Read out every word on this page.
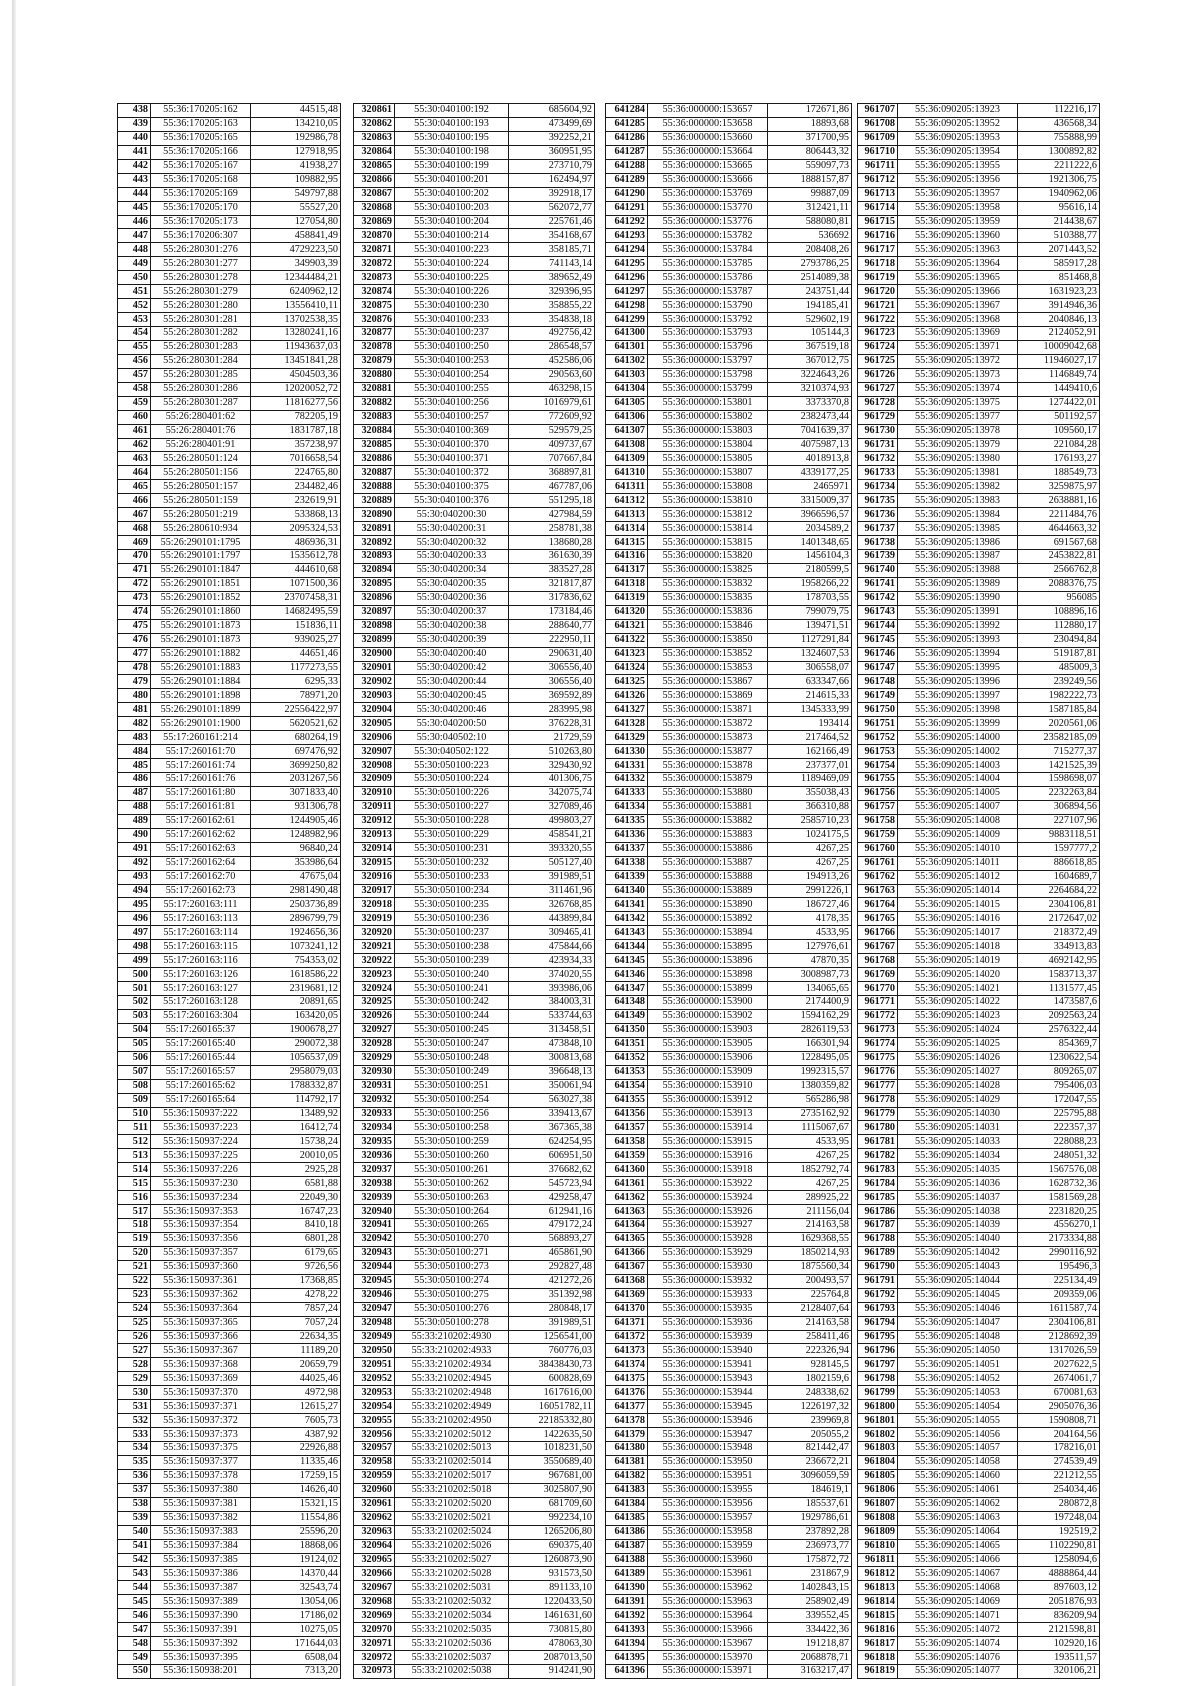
438	55:36:170205:162	44515,48
439	55:36:170205:163	134210,05
440	55:36:170205:165	192986,78
441	55:36:170205:166	127918,95
442	55:36:170205:167	41938,27
443	55:36:170205:168	109882,95
444	55:36:170205:169	549797,88
445	55:36:170205:170	55527,20
446	55:36:170205:173	127054,80
447	55:36:170206:307	458841,49
448	55:26:280301:276	4729223,50
449	55:26:280301:277	349903,39
450	55:26:280301:278	12344484,21
451	55:26:280301:279	6240962,12
452	55:26:280301:280	13556410,11
453	55:26:280301:281	13702538,35
454	55:26:280301:282	13280241,16
455	55:26:280301:283	11943637,03
456	55:26:280301:284	13451841,28
457	55:26:280301:285	4504503,36
458	55:26:280301:286	12020052,72
459	55:26:280301:287	11816277,56
460	55:26:280401:62	782205,19
461	55:26:280401:76	1831787,18
462	55:26:280401:91	357238,97
463	55:26:280501:124	7016658,54
464	55:26:280501:156	224765,80
465	55:26:280501:157	234482,46
466	55:26:280501:159	232619,91
467	55:26:280501:219	533868,13
468	55:26:280610:934	2095324,53
469	55:26:290101:1795	486936,31
470	55:26:290101:1797	1535612,78
471	55:26:290101:1847	444610,68
472	55:26:290101:1851	1071500,36
473	55:26:290101:1852	23707458,31
474	55:26:290101:1860	14682495,59
475	55:26:290101:1873	151836,11
476	55:26:290101:1873	939025,27
477	55:26:290101:1882	44651,46
478	55:26:290101:1883	1177273,55
479	55:26:290101:1884	6295,33
480	55:26:290101:1898	78971,20
481	55:26:290101:1899	22556422,97
482	55:26:290101:1900	5620521,62
483	55:17:260161:214	680264,19
484	55:17:260161:70	697476,92
485	55:17:260161:74	3699250,82
486	55:17:260161:76	2031267,56
487	55:17:260161:80	3071833,40
488	55:17:260161:81	931306,78
489	55:17:260162:61	1244905,46
490	55:17:260162:62	1248982,96
491	55:17:260162:63	96840,24
492	55:17:260162:64	353986,64
493	55:17:260162:70	47675,04
494	55:17:260162:73	2981490,48
495	55:17:260163:111	2503736,89
496	55:17:260163:113	2896799,79
497	55:17:260163:114	1924656,36
498	55:17:260163:115	1073241,12
499	55:17:260163:116	754353,02
500	55:17:260163:126	1618586,22
501	55:17:260163:127	2319681,12
502	55:17:260163:128	20891,65
503	55:17:260163:304	163420,05
504	55:17:260165:37	1900678,27
505	55:17:260165:40	290072,38
506	55:17:260165:44	1056537,09
507	55:17:260165:57	2958079,03
508	55:17:260165:62	1788332,87
509	55:17:260165:64	114792,17
510	55:36:150937:222	13489,92
511	55:36:150937:223	16412,74
512	55:36:150937:224	15738,24
513	55:36:150937:225	20010,05
514	55:36:150937:226	2925,28
515	55:36:150937:230	6581,88
516	55:36:150937:234	22049,30
517	55:36:150937:353	16747,23
518	55:36:150937:354	8410,18
519	55:36:150937:356	6801,28
520	55:36:150937:357	6179,65
521	55:36:150937:360	9726,56
522	55:36:150937:361	17368,85
523	55:36:150937:362	4278,22
524	55:36:150937:364	7857,24
525	55:36:150937:365	7057,24
526	55:36:150937:366	22634,35
527	55:36:150937:367	11189,20
528	55:36:150937:368	20659,79
529	55:36:150937:369	44025,46
530	55:36:150937:370	4972,98
531	55:36:150937:371	12615,27
532	55:36:150937:372	7605,73
533	55:36:150937:373	4387,92
534	55:36:150937:375	22926,88
535	55:36:150937:377	11335,46
536	55:36:150937:378	17259,15
537	55:36:150937:380	14626,40
538	55:36:150937:381	15321,15
539	55:36:150937:382	11554,86
540	55:36:150937:383	25596,20
541	55:36:150937:384	18868,06
542	55:36:150937:385	19124,02
543	55:36:150937:386	14370,44
544	55:36:150937:387	32543,74
545	55:36:150937:389	13054,06
546	55:36:150937:390	17186,02
547	55:36:150937:391	10275,05
548	55:36:150937:392	171644,03
549	55:36:150937:395	6508,04
550	55:36:150938:201	7313,20
320861	55:30:040100:192	685604,92
320862	55:30:040100:193	473499,69
320863	55:30:040100:195	392252,21
320864	55:30:040100:198	360951,95
320865	55:30:040100:199	273710,79
320866	55:30:040100:201	162494,97
320867	55:30:040100:202	392918,17
320868	55:30:040100:203	562072,77
320869	55:30:040100:204	225761,46
320870	55:30:040100:214	354168,67
320871	55:30:040100:223	358185,71
320872	55:30:040100:224	741143,14
320873	55:30:040100:225	389652,49
320874	55:30:040100:226	329396,95
320875	55:30:040100:230	358855,22
320876	55:30:040100:233	354838,18
320877	55:30:040100:237	492756,42
320878	55:30:040100:250	286548,57
320879	55:30:040100:253	452586,06
320880	55:30:040100:254	290563,60
320881	55:30:040100:255	463298,15
320882	55:30:040100:256	1016979,61
320883	55:30:040100:257	772609,92
320884	55:30:040100:369	529579,25
320885	55:30:040100:370	409737,67
320886	55:30:040100:371	707667,84
320887	55:30:040100:372	368897,81
320888	55:30:040100:375	467787,06
320889	55:30:040100:376	551295,18
320890	55:30:040200:30	427984,59
320891	55:30:040200:31	258781,38
320892	55:30:040200:32	138680,28
320893	55:30:040200:33	361630,39
320894	55:30:040200:34	383527,28
320895	55:30:040200:35	321817,87
320896	55:30:040200:36	317836,62
320897	55:30:040200:37	173184,46
320898	55:30:040200:38	288640,77
320899	55:30:040200:39	222950,11
320900	55:30:040200:40	290631,40
320901	55:30:040200:42	306556,40
320902	55:30:040200:44	306556,40
320903	55:30:040200:45	369592,89
320904	55:30:040200:46	283995,98
320905	55:30:040200:50	376228,31
320906	55:30:040502:10	21729,59
320907	55:30:040502:122	510263,80
320908	55:30:050100:223	329430,92
320909	55:30:050100:224	401306,75
320910	55:30:050100:226	342075,74
320911	55:30:050100:227	327089,46
320912	55:30:050100:228	499803,27
320913	55:30:050100:229	458541,21
320914	55:30:050100:231	393320,55
320915	55:30:050100:232	505127,40
320916	55:30:050100:233	391989,51
320917	55:30:050100:234	311461,96
320918	55:30:050100:235	326768,85
320919	55:30:050100:236	443899,84
320920	55:30:050100:237	309465,41
320921	55:30:050100:238	475844,66
320922	55:30:050100:239	423934,33
320923	55:30:050100:240	374020,55
320924	55:30:050100:241	393986,06
320925	55:30:050100:242	384003,31
320926	55:30:050100:244	533744,63
320927	55:30:050100:245	313458,51
320928	55:30:050100:247	473848,10
320929	55:30:050100:248	300813,68
320930	55:30:050100:249	396648,13
320931	55:30:050100:251	350061,94
320932	55:30:050100:254	563027,38
320933	55:30:050100:256	339413,67
320934	55:30:050100:258	367365,38
320935	55:30:050100:259	624254,95
320936	55:30:050100:260	606951,50
320937	55:30:050100:261	376682,62
320938	55:30:050100:262	545723,94
320939	55:30:050100:263	429258,47
320940	55:30:050100:264	612941,16
320941	55:30:050100:265	479172,24
320942	55:30:050100:270	568893,27
320943	55:30:050100:271	465861,90
320944	55:30:050100:273	292827,48
320945	55:30:050100:274	421272,26
320946	55:30:050100:275	351392,98
320947	55:30:050100:276	280848,17
320948	55:30:050100:278	391989,51
320949	55:33:210202:4930	1256541,00
320950	55:33:210202:4933	760776,03
320951	55:33:210202:4934	38438430,73
320952	55:33:210202:4945	600828,69
320953	55:33:210202:4948	1617616,00
320954	55:33:210202:4949	16051782,11
320955	55:33:210202:4950	22185332,80
320956	55:33:210202:5012	1422635,50
320957	55:33:210202:5013	1018231,50
320958	55:33:210202:5014	3550689,40
320959	55:33:210202:5017	967681,00
320960	55:33:210202:5018	3025807,90
320961	55:33:210202:5020	681709,60
320962	55:33:210202:5021	992234,10
320963	55:33:210202:5024	1265206,80
320964	55:33:210202:5026	690375,40
320965	55:33:210202:5027	1260873,90
320966	55:33:210202:5028	931573,50
320967	55:33:210202:5031	891133,10
320968	55:33:210202:5032	1220433,50
320969	55:33:210202:5034	1461631,60
320970	55:33:210202:5035	730815,80
320971	55:33:210202:5036	478063,30
320972	55:33:210202:5037	2087013,50
320973	55:33:210202:5038	914241,90
641284	55:36:000000:153657	172671,86
641285	55:36:000000:153658	18893,68
641286	55:36:000000:153660	371700,95
641287	55:36:000000:153664	806443,32
641288	55:36:000000:153665	559097,73
641289	55:36:000000:153666	1888157,87
641290	55:36:000000:153769	99887,09
641291	55:36:000000:153770	312421,11
641292	55:36:000000:153776	588080,81
641293	55:36:000000:153782	536692
641294	55:36:000000:153784	208408,26
641295	55:36:000000:153785	2793786,25
641296	55:36:000000:153786	2514089,38
641297	55:36:000000:153787	243751,44
641298	55:36:000000:153790	194185,41
641299	55:36:000000:153792	529602,19
641300	55:36:000000:153793	105144,3
641301	55:36:000000:153796	367519,18
641302	55:36:000000:153797	367012,75
641303	55:36:000000:153798	3224643,26
641304	55:36:000000:153799	3210374,93
641305	55:36:000000:153801	3373370,8
641306	55:36:000000:153802	2382473,44
641307	55:36:000000:153803	7041639,37
641308	55:36:000000:153804	4075987,13
641309	55:36:000000:153805	4018913,8
641310	55:36:000000:153807	4339177,25
641311	55:36:000000:153808	2465971
641312	55:36:000000:153810	3315009,37
641313	55:36:000000:153812	3966596,57
641314	55:36:000000:153814	2034589,2
641315	55:36:000000:153815	1401348,65
641316	55:36:000000:153820	1456104,3
641317	55:36:000000:153825	2180599,5
641318	55:36:000000:153832	1958266,22
641319	55:36:000000:153835	178703,55
641320	55:36:000000:153836	799079,75
641321	55:36:000000:153846	139471,51
641322	55:36:000000:153850	1127291,84
641323	55:36:000000:153852	1324607,53
641324	55:36:000000:153853	306558,07
641325	55:36:000000:153867	633347,66
641326	55:36:000000:153869	214615,33
641327	55:36:000000:153871	1345333,99
641328	55:36:000000:153872	193414
641329	55:36:000000:153873	217464,52
641330	55:36:000000:153877	162166,49
641331	55:36:000000:153878	237377,01
641332	55:36:000000:153879	1189469,09
641333	55:36:000000:153880	355038,43
641334	55:36:000000:153881	366310,88
641335	55:36:000000:153882	2585710,23
641336	55:36:000000:153883	1024175,5
641337	55:36:000000:153886	4267,25
641338	55:36:000000:153887	4267,25
641339	55:36:000000:153888	194913,26
641340	55:36:000000:153889	2991226,1
641341	55:36:000000:153890	186727,46
641342	55:36:000000:153892	4178,35
641343	55:36:000000:153894	4533,95
641344	55:36:000000:153895	127976,61
641345	55:36:000000:153896	47870,35
641346	55:36:000000:153898	3008987,73
641347	55:36:000000:153899	134065,65
641348	55:36:000000:153900	2174400,9
641349	55:36:000000:153902	1594162,29
641350	55:36:000000:153903	2826119,53
641351	55:36:000000:153905	166301,94
641352	55:36:000000:153906	1228495,05
641353	55:36:000000:153909	1992315,57
641354	55:36:000000:153910	1380359,82
641355	55:36:000000:153912	565286,98
641356	55:36:000000:153913	2735162,92
641357	55:36:000000:153914	1115067,67
641358	55:36:000000:153915	4533,95
641359	55:36:000000:153916	4267,25
641360	55:36:000000:153918	1852792,74
641361	55:36:000000:153922	4267,25
641362	55:36:000000:153924	289925,22
641363	55:36:000000:153926	211156,04
641364	55:36:000000:153927	214163,58
641365	55:36:000000:153928	1629368,55
641366	55:36:000000:153929	1850214,93
641367	55:36:000000:153930	1875560,34
641368	55:36:000000:153932	200493,57
641369	55:36:000000:153933	225764,8
641370	55:36:000000:153935	2128407,64
641371	55:36:000000:153936	214163,58
641372	55:36:000000:153939	258411,46
641373	55:36:000000:153940	222326,94
641374	55:36:000000:153941	928145,5
641375	55:36:000000:153943	1802159,6
641376	55:36:000000:153944	248338,62
641377	55:36:000000:153945	1226197,32
641378	55:36:000000:153946	239969,8
641379	55:36:000000:153947	205055,2
641380	55:36:000000:153948	821442,47
641381	55:36:000000:153950	236672,21
641382	55:36:000000:153951	3096059,59
641383	55:36:000000:153955	184619,1
641384	55:36:000000:153956	185537,61
641385	55:36:000000:153957	1929786,61
641386	55:36:000000:153958	237892,28
641387	55:36:000000:153959	236973,77
641388	55:36:000000:153960	175872,72
641389	55:36:000000:153961	231867,9
641390	55:36:000000:153962	1402843,15
641391	55:36:000000:153963	258902,49
641392	55:36:000000:153964	339552,45
641393	55:36:000000:153966	334422,36
641394	55:36:000000:153967	191218,87
641395	55:36:000000:153970	2068878,71
641396	55:36:000000:153971	3163217,47
961707	55:36:090205:13923	112216,17
961708	55:36:090205:13952	436568,34
961709	55:36:090205:13953	755888,99
961710	55:36:090205:13954	1300892,82
961711	55:36:090205:13955	2211222,6
961712	55:36:090205:13956	1921306,75
961713	55:36:090205:13957	1940962,06
961714	55:36:090205:13958	95616,14
961715	55:36:090205:13959	214438,67
961716	55:36:090205:13960	510388,77
961717	55:36:090205:13963	2071443,52
961718	55:36:090205:13964	585917,28
961719	55:36:090205:13965	851468,8
961720	55:36:090205:13966	1631923,23
961721	55:36:090205:13967	3914946,36
961722	55:36:090205:13968	2040846,13
961723	55:36:090205:13969	2124052,91
961724	55:36:090205:13971	10009042,68
961725	55:36:090205:13972	11946027,17
961726	55:36:090205:13973	1146849,74
961727	55:36:090205:13974	1449410,6
961728	55:36:090205:13975	1274422,01
961729	55:36:090205:13977	501192,57
961730	55:36:090205:13978	109560,17
961731	55:36:090205:13979	221084,28
961732	55:36:090205:13980	176193,27
961733	55:36:090205:13981	188549,73
961734	55:36:090205:13982	3259875,97
961735	55:36:090205:13983	2638881,16
961736	55:36:090205:13984	2211484,76
961737	55:36:090205:13985	4644663,32
961738	55:36:090205:13986	691567,68
961739	55:36:090205:13987	2453822,81
961740	55:36:090205:13988	2566762,8
961741	55:36:090205:13989	2088376,75
961742	55:36:090205:13990	956085
961743	55:36:090205:13991	108896,16
961744	55:36:090205:13992	112880,17
961745	55:36:090205:13993	230494,84
961746	55:36:090205:13994	519187,81
961747	55:36:090205:13995	485009,3
961748	55:36:090205:13996	239249,56
961749	55:36:090205:13997	1982222,73
961750	55:36:090205:13998	1587185,84
961751	55:36:090205:13999	2020561,06
961752	55:36:090205:14000	23582185,09
961753	55:36:090205:14002	715277,37
961754	55:36:090205:14003	1421525,39
961755	55:36:090205:14004	1598698,07
961756	55:36:090205:14005	2232263,84
961757	55:36:090205:14007	306894,56
961758	55:36:090205:14008	227107,96
961759	55:36:090205:14009	9883118,51
961760	55:36:090205:14010	1597777,2
961761	55:36:090205:14011	886618,85
961762	55:36:090205:14012	1604689,7
961763	55:36:090205:14014	2264684,22
961764	55:36:090205:14015	2304106,81
961765	55:36:090205:14016	2172647,02
961766	55:36:090205:14017	218372,49
961767	55:36:090205:14018	334913,83
961768	55:36:090205:14019	4692142,95
961769	55:36:090205:14020	1583713,37
961770	55:36:090205:14021	1131577,45
961771	55:36:090205:14022	1473587,6
961772	55:36:090205:14023	2092563,24
961773	55:36:090205:14024	2576322,44
961774	55:36:090205:14025	854369,7
961775	55:36:090205:14026	1230622,54
961776	55:36:090205:14027	809265,07
961777	55:36:090205:14028	795406,03
961778	55:36:090205:14029	172047,55
961779	55:36:090205:14030	225795,88
961780	55:36:090205:14031	222357,37
961781	55:36:090205:14033	228088,23
961782	55:36:090205:14034	248051,32
961783	55:36:090205:14035	1567576,08
961784	55:36:090205:14036	1628732,36
961785	55:36:090205:14037	1581569,28
961786	55:36:090205:14038	2231820,25
961787	55:36:090205:14039	4556270,1
961788	55:36:090205:14040	2173334,88
961789	55:36:090205:14042	2990116,92
961790	55:36:090205:14043	195496,3
961791	55:36:090205:14044	225134,49
961792	55:36:090205:14045	209359,06
961793	55:36:090205:14046	1611587,74
961794	55:36:090205:14047	2304106,81
961795	55:36:090205:14048	2128692,39
961796	55:36:090205:14050	1317026,59
961797	55:36:090205:14051	2027622,5
961798	55:36:090205:14052	2674061,7
961799	55:36:090205:14053	670081,63
961800	55:36:090205:14054	2905076,36
961801	55:36:090205:14055	1590808,71
961802	55:36:090205:14056	204164,56
961803	55:36:090205:14057	178216,01
961804	55:36:090205:14058	274539,49
961805	55:36:090205:14060	221212,55
961806	55:36:090205:14061	254034,46
961807	55:36:090205:14062	280872,8
961808	55:36:090205:14063	197248,04
961809	55:36:090205:14064	192519,2
961810	55:36:090205:14065	1102290,81
961811	55:36:090205:14066	1258094,6
961812	55:36:090205:14067	4888864,44
961813	55:36:090205:14068	897603,12
961814	55:36:090205:14069	2051876,93
961815	55:36:090205:14071	836209,94
961816	55:36:090205:14072	2121598,81
961817	55:36:090205:14074	102920,16
961818	55:36:090205:14076	193511,57
961819	55:36:090205:14077	320106,21
